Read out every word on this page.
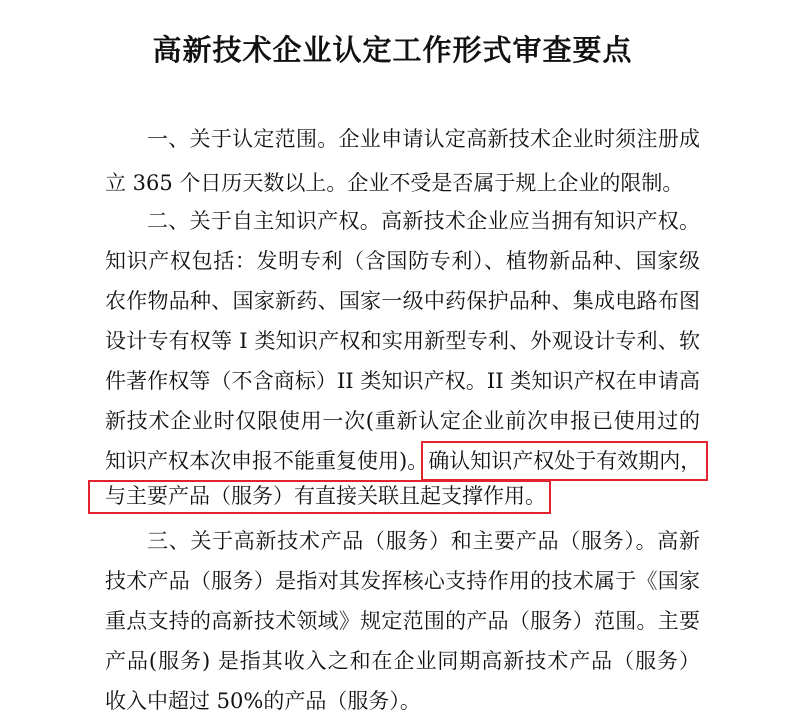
高新技术企业认定工作形式审查要点
一、关于认定范围。企业申请认定高新技术企业时须注册成
立 365 个日历天数以上。企业不受是否属于规上企业的限制。
二、关于自主知识产权。高新技术企业应当拥有知识产权。
知识产权包括：发明专利（含国防专利）、植物新品种、国家级
农作物品种、国家新药、国家一级中药保护品种、集成电路布图
设计专有权等 I 类知识产权和实用新型专利、外观设计专利、软
件著作权等（不含商标）II 类知识产权。II 类知识产权在申请高
新技术企业时仅限使用一次(重新认定企业前次申报已使用过的
知识产权本次申报不能重复使用)。确认知识产权处于有效期内，
与主要产品（服务）有直接关联且起支撑作用。
三、关于高新技术产品（服务）和主要产品（服务）。高新
技术产品（服务）是指对其发挥核心支持作用的技术属于《国家
重点支持的高新技术领域》规定范围的产品（服务）范围。主要
产品(服务) 是指其收入之和在企业同期高新技术产品（服务）
收入中超过 50%的产品（服务）。
